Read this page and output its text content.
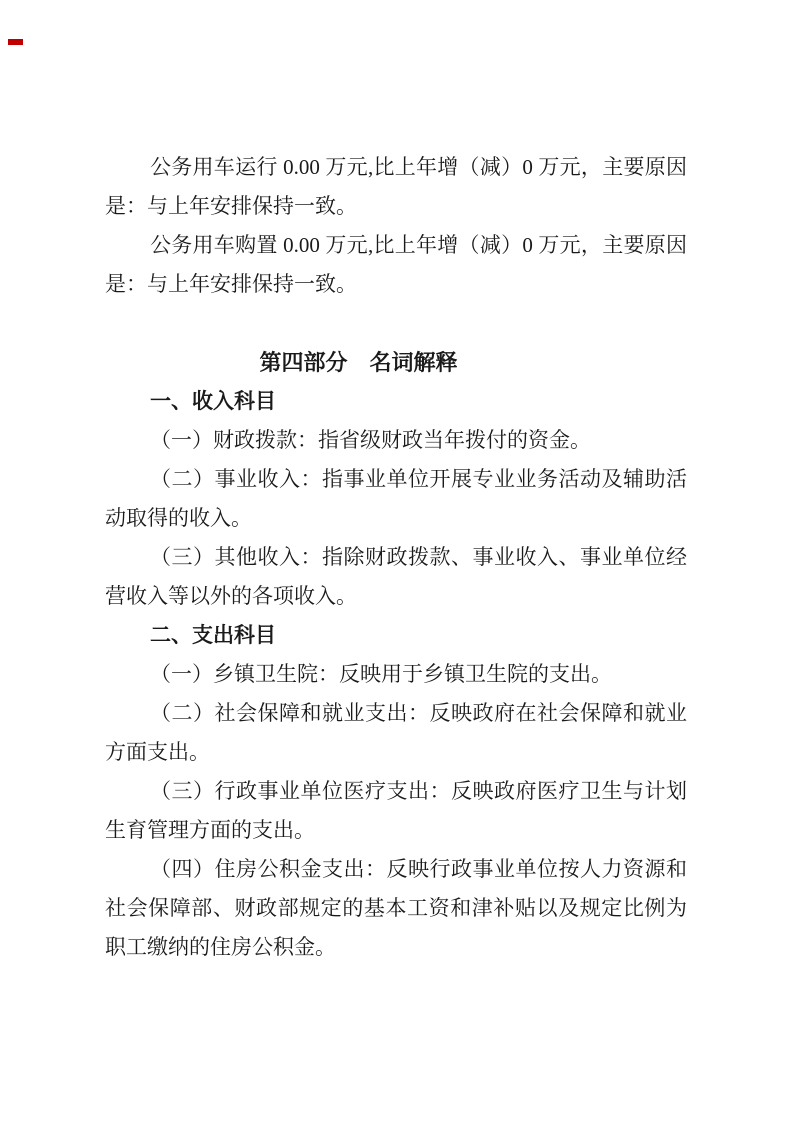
公务用车运行 0.00 万元,比上年增（减）0 万元，主要原因是：与上年安排保持一致。

公务用车购置 0.00 万元,比上年增（减）0 万元，主要原因是：与上年安排保持一致。

第四部分　名词解释

一、收入科目

（一）财政拨款：指省级财政当年拨付的资金。

（二）事业收入：指事业单位开展专业业务活动及辅助活动取得的收入。

（三）其他收入：指除财政拨款、事业收入、事业单位经营收入等以外的各项收入。

二、支出科目

（一）乡镇卫生院：反映用于乡镇卫生院的支出。

（二）社会保障和就业支出：反映政府在社会保障和就业方面支出。

（三）行政事业单位医疗支出：反映政府医疗卫生与计划生育管理方面的支出。

（四）住房公积金支出：反映行政事业单位按人力资源和社会保障部、财政部规定的基本工资和津补贴以及规定比例为职工缴纳的住房公积金。
